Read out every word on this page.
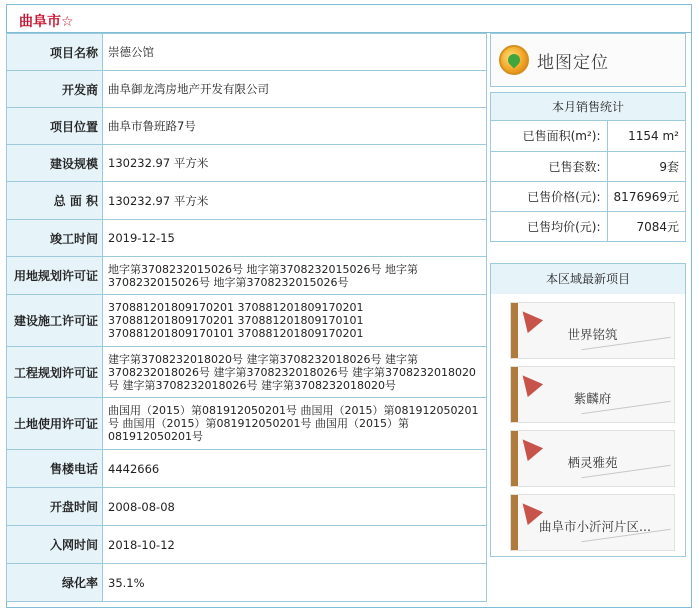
曲阜市☆
项目名称	崇德公馆
开发商	曲阜御龙湾房地产开发有限公司
项目位置	曲阜市鲁班路7号
建设规模	130232.97 平方米
总 面 积	130232.97 平方米
竣工时间	2019-12-15
用地规划许可证	地字第3708232015026号 地字第3708232015026号 地字第3708232015026号 地字第3708232015026号
建设施工许可证	370881201809170201 370881201809170201 370881201809170201 370881201809170101 370881201809170101 370881201809170201
工程规划许可证	建字第3708232018020号 建字第3708232018026号 建字第3708232018026号 建字第3708232018026号 建字第3708232018020号 建字第3708232018026号 建字第3708232018020号
土地使用许可证	曲国用（2015）第081912050201号 曲国用（2015）第081912050201号 曲国用（2015）第081912050201号 曲国用（2015）第081912050201号
售楼电话	4442666
开盘时间	2008-08-08
入网时间	2018-10-12
绿化率	35.1%
地图定位
本月销售统计
已售面积(m²):	1154 m²
已售套数:	9套
已售价格(元):	8176969元
已售均价(元):	7084元
本区域最新项目
世界铭筑
紫麟府
栖灵雅苑
曲阜市小沂河片区...
